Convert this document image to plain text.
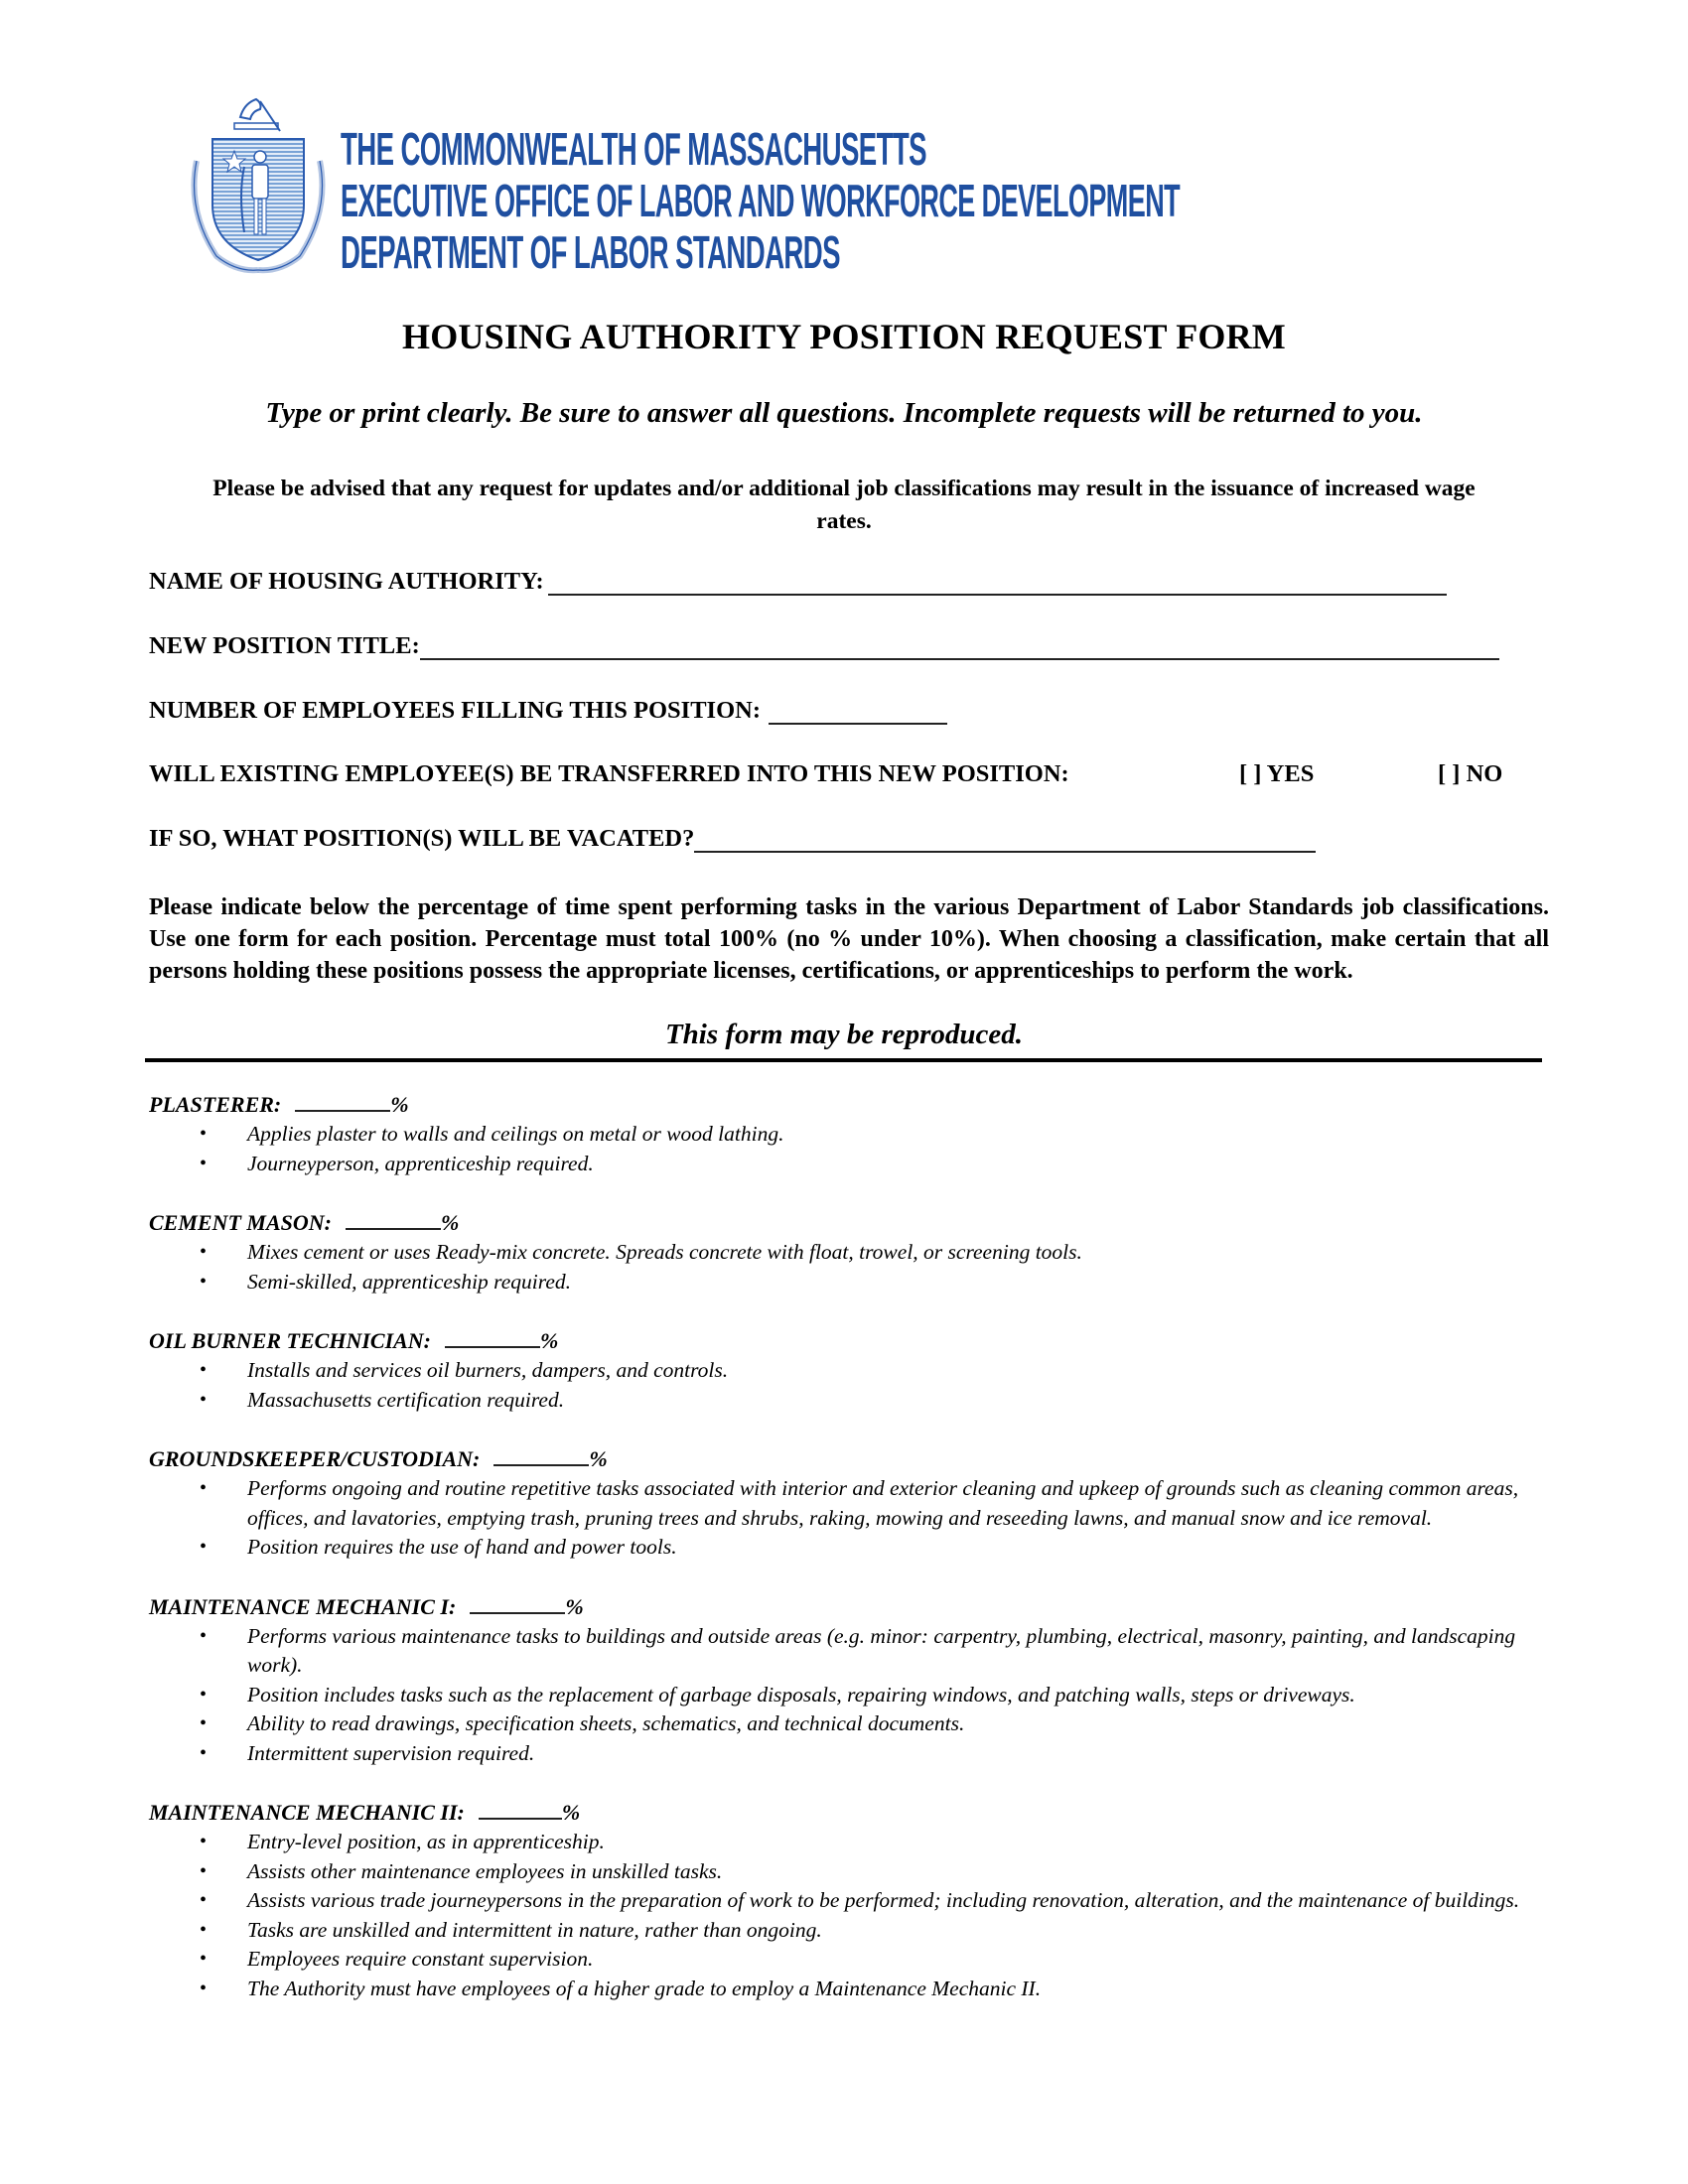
THE COMMONWEALTH OF MASSACHUSETTS
EXECUTIVE OFFICE OF LABOR AND WORKFORCE DEVELOPMENT
DEPARTMENT OF LABOR STANDARDS
HOUSING AUTHORITY POSITION REQUEST FORM
Type or print clearly. Be sure to answer all questions. Incomplete requests will be returned to you.
Please be advised that any request for updates and/or additional job classifications may result in the issuance of increased wage rates.
NAME OF HOUSING AUTHORITY:
NEW POSITION TITLE:
NUMBER OF EMPLOYEES FILLING THIS POSITION:
WILL EXISTING EMPLOYEE(S) BE TRANSFERRED INTO THIS NEW POSITION:	[ ] YES	[ ] NO
IF SO, WHAT POSITION(S) WILL BE VACATED?
Please indicate below the percentage of time spent performing tasks in the various Department of Labor Standards job classifications. Use one form for each position. Percentage must total 100% (no % under 10%). When choosing a classification, make certain that all persons holding these positions possess the appropriate licenses, certifications, or apprenticeships to perform the work.
This form may be reproduced.
PLASTERER:	%
• Applies plaster to walls and ceilings on metal or wood lathing.
• Journeyperson, apprenticeship required.
CEMENT MASON:	%
• Mixes cement or uses Ready-mix concrete. Spreads concrete with float, trowel, or screening tools.
• Semi-skilled, apprenticeship required.
OIL BURNER TECHNICIAN:	%
• Installs and services oil burners, dampers, and controls.
• Massachusetts certification required.
GROUNDSKEEPER/CUSTODIAN:	%
• Performs ongoing and routine repetitive tasks associated with interior and exterior cleaning and upkeep of grounds such as cleaning common areas, offices, and lavatories, emptying trash, pruning trees and shrubs, raking, mowing and reseeding lawns, and manual snow and ice removal.
• Position requires the use of hand and power tools.
MAINTENANCE MECHANIC I:	%
• Performs various maintenance tasks to buildings and outside areas (e.g. minor: carpentry, plumbing, electrical, masonry, painting, and landscaping work).
• Position includes tasks such as the replacement of garbage disposals, repairing windows, and patching walls, steps or driveways.
• Ability to read drawings, specification sheets, schematics, and technical documents.
• Intermittent supervision required.
MAINTENANCE MECHANIC II:	%
• Entry-level position, as in apprenticeship.
• Assists other maintenance employees in unskilled tasks.
• Assists various trade journeypersons in the preparation of work to be performed; including renovation, alteration, and the maintenance of buildings.
• Tasks are unskilled and intermittent in nature, rather than ongoing.
• Employees require constant supervision.
• The Authority must have employees of a higher grade to employ a Maintenance Mechanic II.
